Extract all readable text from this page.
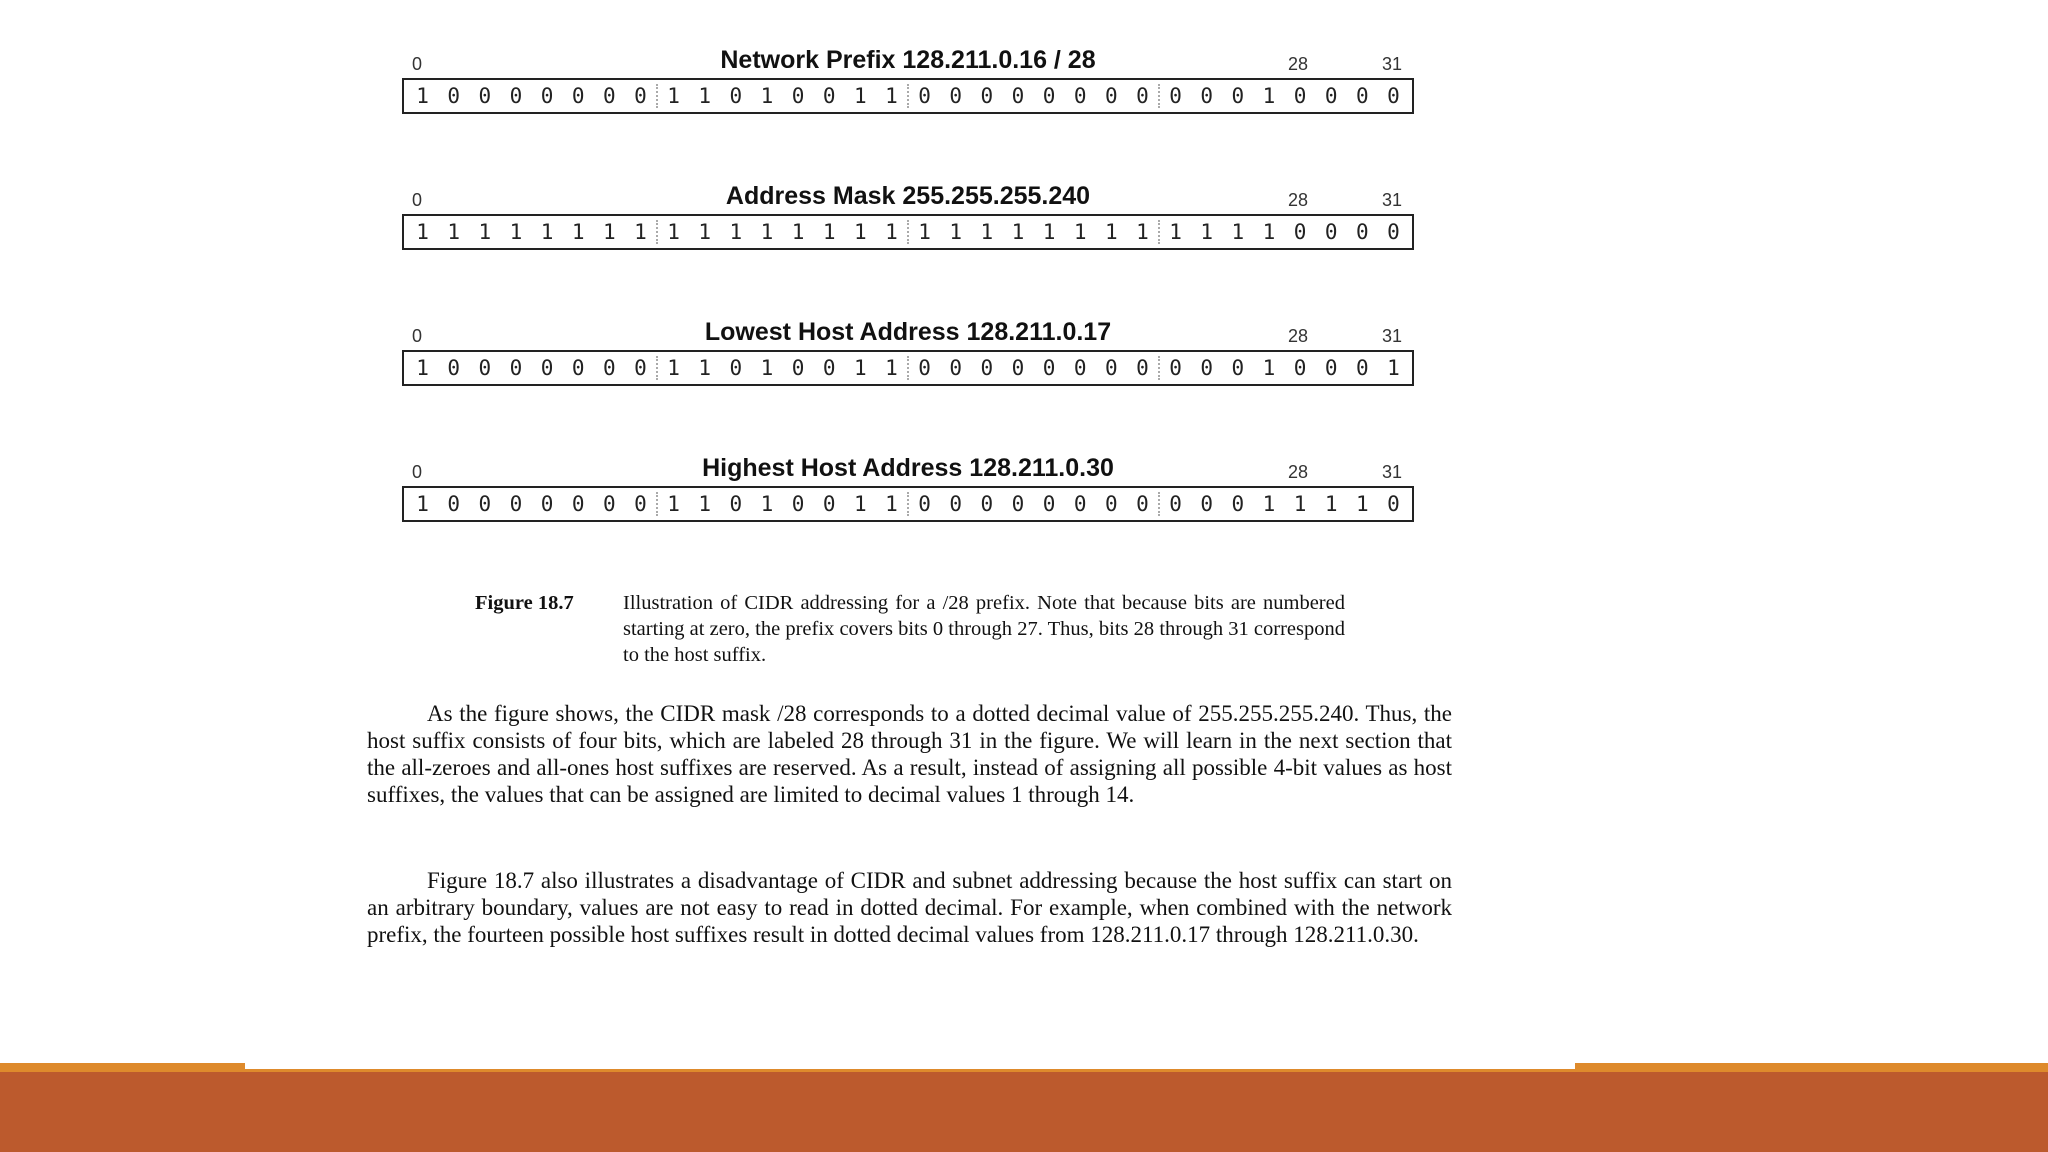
0	Network Prefix 128.211.0.16 / 28	28	31
1 0 0 0 0 0 0 0 1 1 0 1 0 0 1 1 0 0 0 0 0 0 0 0 0 0 0 1 0 0 0 0
0	Address Mask 255.255.255.240	28	31
1 1 1 1 1 1 1 1 1 1 1 1 1 1 1 1 1 1 1 1 1 1 1 1 1 1 1 1 0 0 0 0
0	Lowest Host Address 128.211.0.17	28	31
1 0 0 0 0 0 0 0 1 1 0 1 0 0 1 1 0 0 0 0 0 0 0 0 0 0 0 1 0 0 0 1
0	Highest Host Address 128.211.0.30	28	31
1 0 0 0 0 0 0 0 1 1 0 1 0 0 1 1 0 0 0 0 0 0 0 0 0 0 0 1 1 1 1 0
Figure 18.7 Illustration of CIDR addressing for a /28 prefix. Note that because bits are numbered starting at zero, the prefix covers bits 0 through 27. Thus, bits 28 through 31 correspond to the host suffix.

As the figure shows, the CIDR mask /28 corresponds to a dotted decimal value of 255.255.255.240. Thus, the host suffix consists of four bits, which are labeled 28 through 31 in the figure. We will learn in the next section that the all-zeroes and all-ones host suffixes are reserved. As a result, instead of assigning all possible 4-bit values as host suffixes, the values that can be assigned are limited to decimal values 1 through 14.

Figure 18.7 also illustrates a disadvantage of CIDR and subnet addressing because the host suffix can start on an arbitrary boundary, values are not easy to read in dotted decimal. For example, when combined with the network prefix, the fourteen possible host suffixes result in dotted decimal values from 128.211.0.17 through 128.211.0.30.
